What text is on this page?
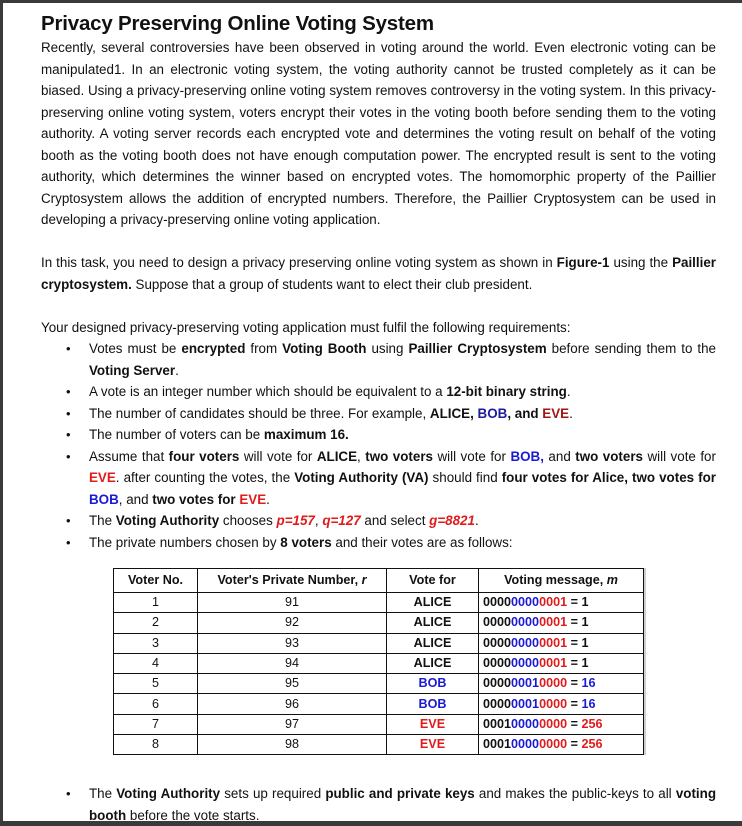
Privacy Preserving Online Voting System

Recently, several controversies have been observed in voting around the world. Even electronic voting can be manipulated1. In an electronic voting system, the voting authority cannot be trusted completely as it can be biased. Using a privacy-preserving online voting system removes controversy in the voting system. In this privacy-preserving online voting system, voters encrypt their votes in the voting booth before sending them to the voting authority. A voting server records each encrypted vote and determines the voting result on behalf of the voting booth as the voting booth does not have enough computation power. The encrypted result is sent to the voting authority, which determines the winner based on encrypted votes. The homomorphic property of the Paillier Cryptosystem allows the addition of encrypted numbers. Therefore, the Paillier Cryptosystem can be used in developing a privacy-preserving online voting application.

In this task, you need to design a privacy preserving online voting system as shown in Figure-1 using the Paillier cryptosystem. Suppose that a group of students want to elect their club president.

Your designed privacy-preserving voting application must fulfil the following requirements:

• Votes must be encrypted from Voting Booth using Paillier Cryptosystem before sending them to the Voting Server.
• A vote is an integer number which should be equivalent to a 12-bit binary string.
• The number of candidates should be three. For example, ALICE, BOB, and EVE.
• The number of voters can be maximum 16.
• Assume that four voters will vote for ALICE, two voters will vote for BOB, and two voters will vote for EVE. after counting the votes, the Voting Authority (VA) should find four votes for Alice, two votes for BOB, and two votes for EVE.
• The Voting Authority chooses p=157, q=127 and select g=8821.
• The private numbers chosen by 8 voters and their votes are as follows:
Voter No.	Voter's Private Number, r	Vote for	Voting message, m
1	91	ALICE	000000000001 = 1
2	92	ALICE	000000000001 = 1
3	93	ALICE	000000000001 = 1
4	94	ALICE	000000000001 = 1
5	95	BOB	000000010000 = 16
6	96	BOB	000000010000 = 16
7	97	EVE	000100000000 = 256
8	98	EVE	000100000000 = 256
• The Voting Authority sets up required public and private keys and makes the public-keys to all voting booth before the vote starts.
